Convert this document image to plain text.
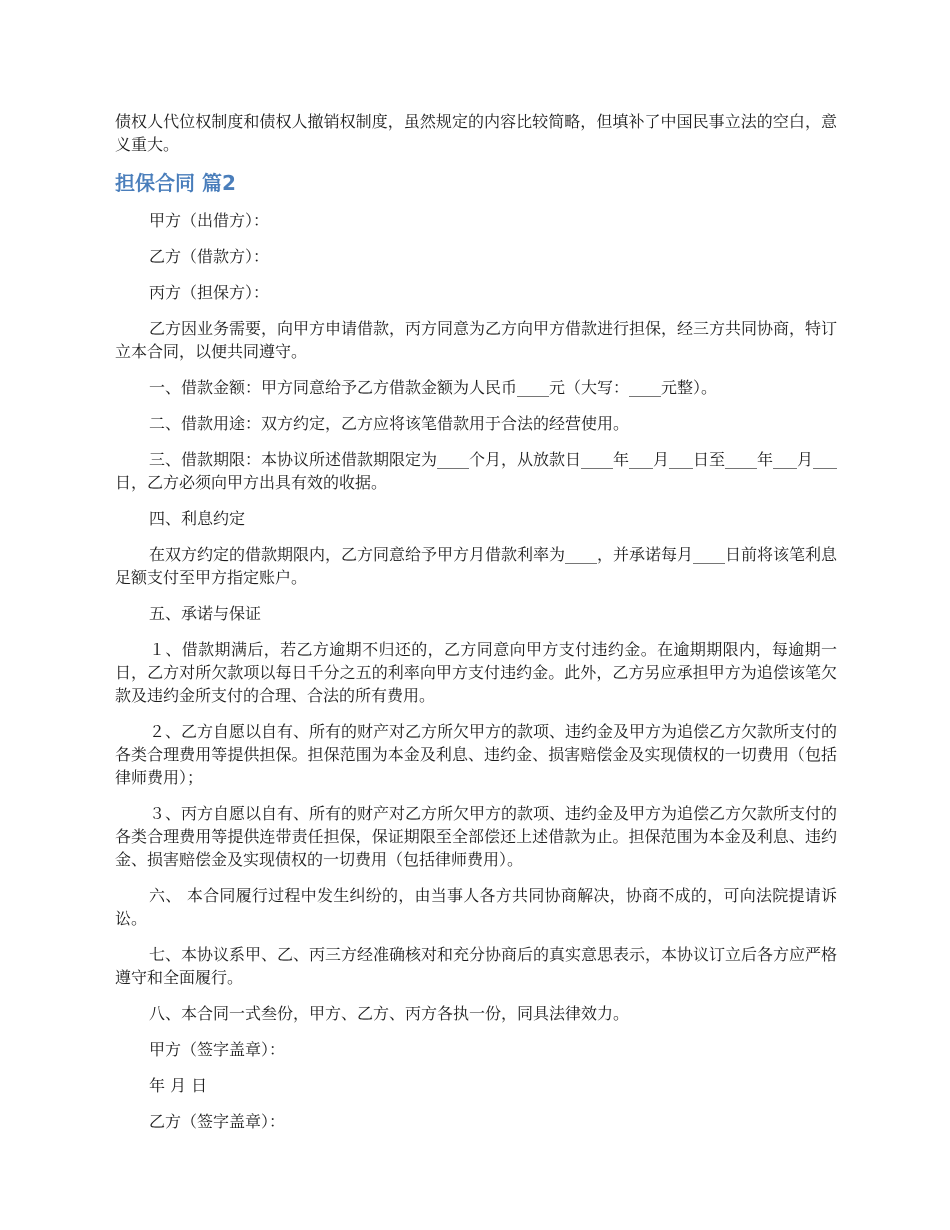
债权人代位权制度和债权人撤销权制度，虽然规定的内容比较简略，但填补了中国民事立法的空白，意义重大。

担保合同 篇2

甲方（出借方）：

乙方（借款方）：

丙方（担保方）：

乙方因业务需要，向甲方申请借款，丙方同意为乙方向甲方借款进行担保，经三方共同协商，特订立本合同，以便共同遵守。

一、借款金额：甲方同意给予乙方借款金额为人民币____元（大写：____元整）。

二、借款用途：双方约定，乙方应将该笔借款用于合法的经营使用。

三、借款期限：本协议所述借款期限定为____个月，从放款日____年___月___日至____年___月___日，乙方必须向甲方出具有效的收据。

四、利息约定

在双方约定的借款期限内，乙方同意给予甲方月借款利率为____，并承诺每月____日前将该笔利息足额支付至甲方指定账户。

五、承诺与保证

１、借款期满后，若乙方逾期不归还的，乙方同意向甲方支付违约金。在逾期期限内，每逾期一日，乙方对所欠款项以每日千分之五的利率向甲方支付违约金。此外，乙方另应承担甲方为追偿该笔欠款及违约金所支付的合理、合法的所有费用。

２、乙方自愿以自有、所有的财产对乙方所欠甲方的款项、违约金及甲方为追偿乙方欠款所支付的各类合理费用等提供担保。担保范围为本金及利息、违约金、损害赔偿金及实现债权的一切费用（包括律师费用）；

３、丙方自愿以自有、所有的财产对乙方所欠甲方的款项、违约金及甲方为追偿乙方欠款所支付的各类合理费用等提供连带责任担保，保证期限至全部偿还上述借款为止。担保范围为本金及利息、违约金、损害赔偿金及实现债权的一切费用（包括律师费用）。

六、 本合同履行过程中发生纠纷的，由当事人各方共同协商解决，协商不成的，可向法院提请诉讼。

七、本协议系甲、乙、丙三方经准确核对和充分协商后的真实意思表示，本协议订立后各方应严格遵守和全面履行。

八、本合同一式叁份，甲方、乙方、丙方各执一份，同具法律效力。

甲方（签字盖章）：

年 月 日

乙方（签字盖章）：
